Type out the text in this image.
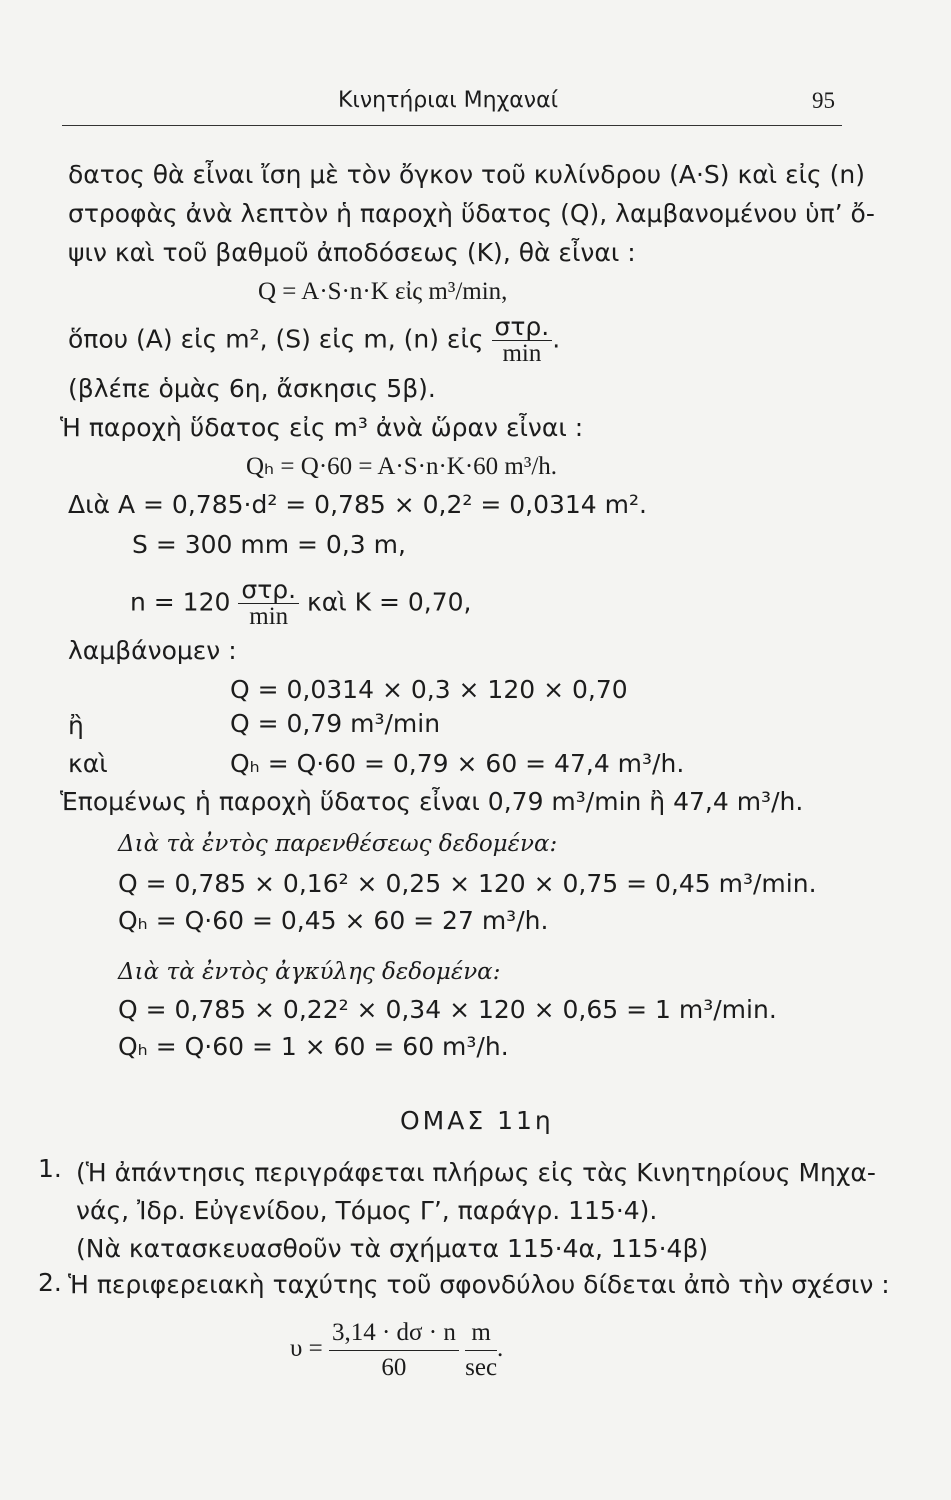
Κινητήριαι Μηχαναί	95
δατος θὰ εἶναι ἴση μὲ τὸν ὄγκον τοῦ κυλίνδρου (A·S) καὶ εἰς (n)
στροφὰς ἀνὰ λεπτὸν ἡ παροχὴ ὕδατος (Q), λαμβανομένου ὑπ’ ὄ-
ψιν καὶ τοῦ βαθμοῦ ἀποδόσεως (K), θὰ εἶναι :
Q = A·S·n·K εἰς m³/min,
ὅπου (A) εἰς m², (S) εἰς m, (n) εἰς $\frac{\text{στρ.}}{\min}$ .
(βλέπε ὁμὰς 6η, ἄσκησις 5β).
Ἡ παροχὴ ὕδατος εἰς m³ ἀνὰ ὥραν εἶναι :
Qₕ = Q·60 = A·S·n·K·60 m³/h.
Διὰ A = 0,785·d² = 0,785 × 0,2² = 0,0314 m².
S = 300 mm = 0,3 m,
$n = 120 \frac{\text{στρ.}}{\min}$ καὶ K = 0,70,
λαμβάνομεν :
Q = 0,0314 × 0,3 × 120 × 0,70
ἢ	Q = 0,79 m³/min
καὶ	Qₕ = Q·60 = 0,79 × 60 = 47,4 m³/h.
Ἑπομένως ἡ παροχὴ ὕδατος εἶναι 0,79 m³/min ἢ 47,4 m³/h.
Διὰ τὰ ἐντὸς παρενθέσεως δεδομένα:
Q = 0,785 × 0,16² × 0,25 × 120 × 0,75 = 0,45 m³/min.
Qₕ = Q·60 = 0,45 × 60 = 27 m³/h.
Διὰ τὰ ἐντὸς ἀγκύλης δεδομένα:
Q = 0,785 × 0,22² × 0,34 × 120 × 0,65 = 1 m³/min.
Qₕ = Q·60 = 1 × 60 = 60 m³/h.
ΟΜΑΣ 11η
1. (Ἡ ἀπάντησις περιγράφεται πλήρως εἰς τὰς Κινητηρίους Μηχα-
νάς, Ἰδρ. Εὐγενίδου, Τόμος Γ’, παράγρ. 115·4).
(Νὰ κατασκευασθοῦν τὰ σχήματα 115·4α, 115·4β)
2. Ἡ περιφερειακὴ ταχύτης τοῦ σφονδύλου δίδεται ἀπὸ τὴν σχέσιν :
$\upsilon = \frac{3,14 \cdot d\sigma \cdot n}{60}$
$\frac{m}{\sec}$ .
